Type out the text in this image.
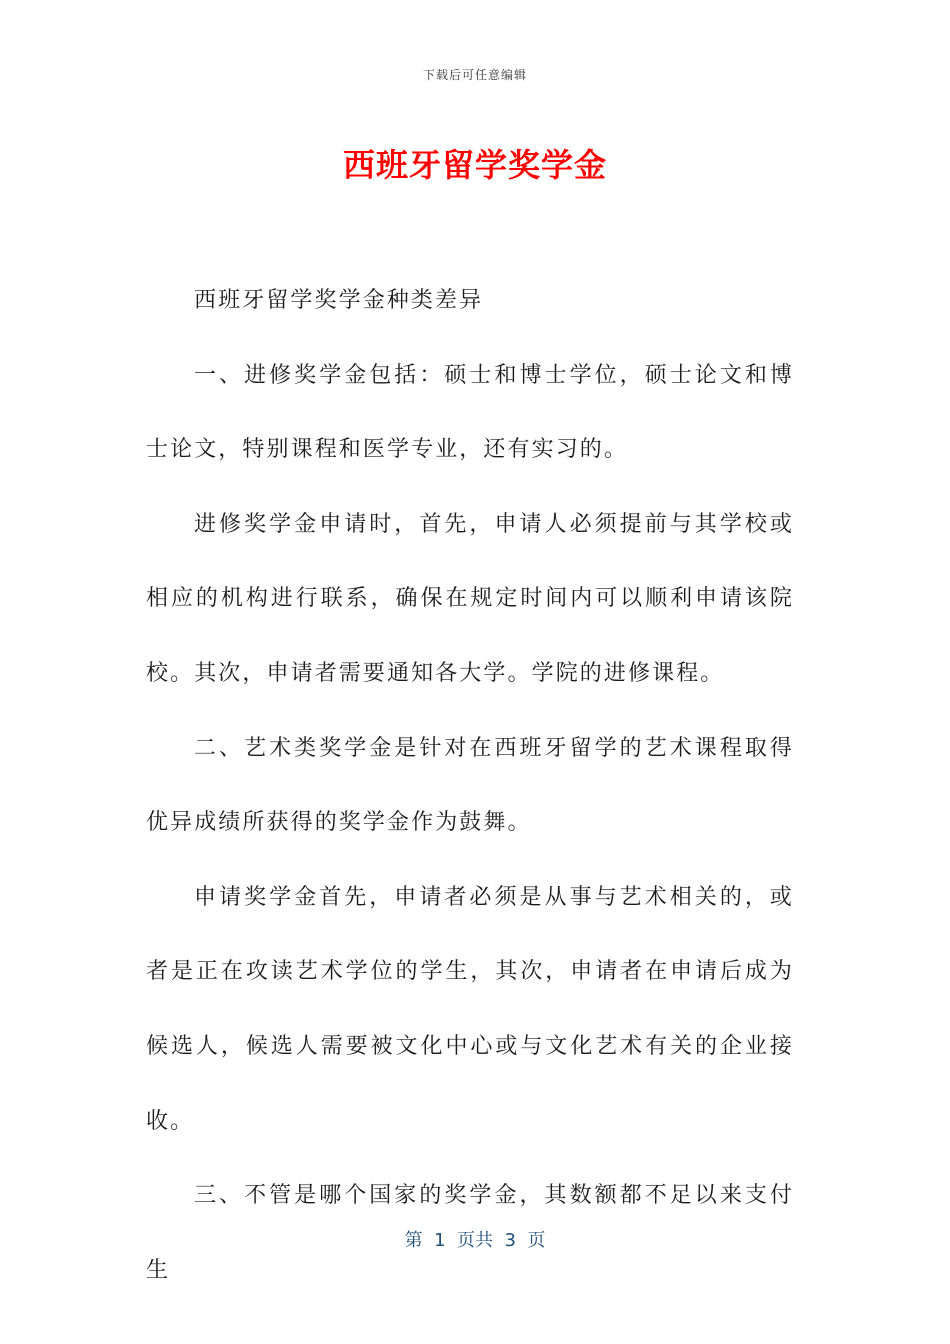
下载后可任意编辑
西班牙留学奖学金

西班牙留学奖学金种类差异

一、进修奖学金包括：硕士和博士学位，硕士论文和博士论文，特别课程和医学专业，还有实习的。

进修奖学金申请时，首先，申请人必须提前与其学校或相应的机构进行联系，确保在规定时间内可以顺利申请该院校。其次，申请者需要通知各大学。学院的进修课程。

二、艺术类奖学金是针对在西班牙留学的艺术课程取得优异成绩所获得的奖学金作为鼓舞。

申请奖学金首先，申请者必须是从事与艺术相关的，或者是正在攻读艺术学位的学生，其次，申请者在申请后成为候选人，候选人需要被文化中心或与文化艺术有关的企业接收。

三、不管是哪个国家的奖学金，其数额都不足以来支付生

第  1  页共  3  页
